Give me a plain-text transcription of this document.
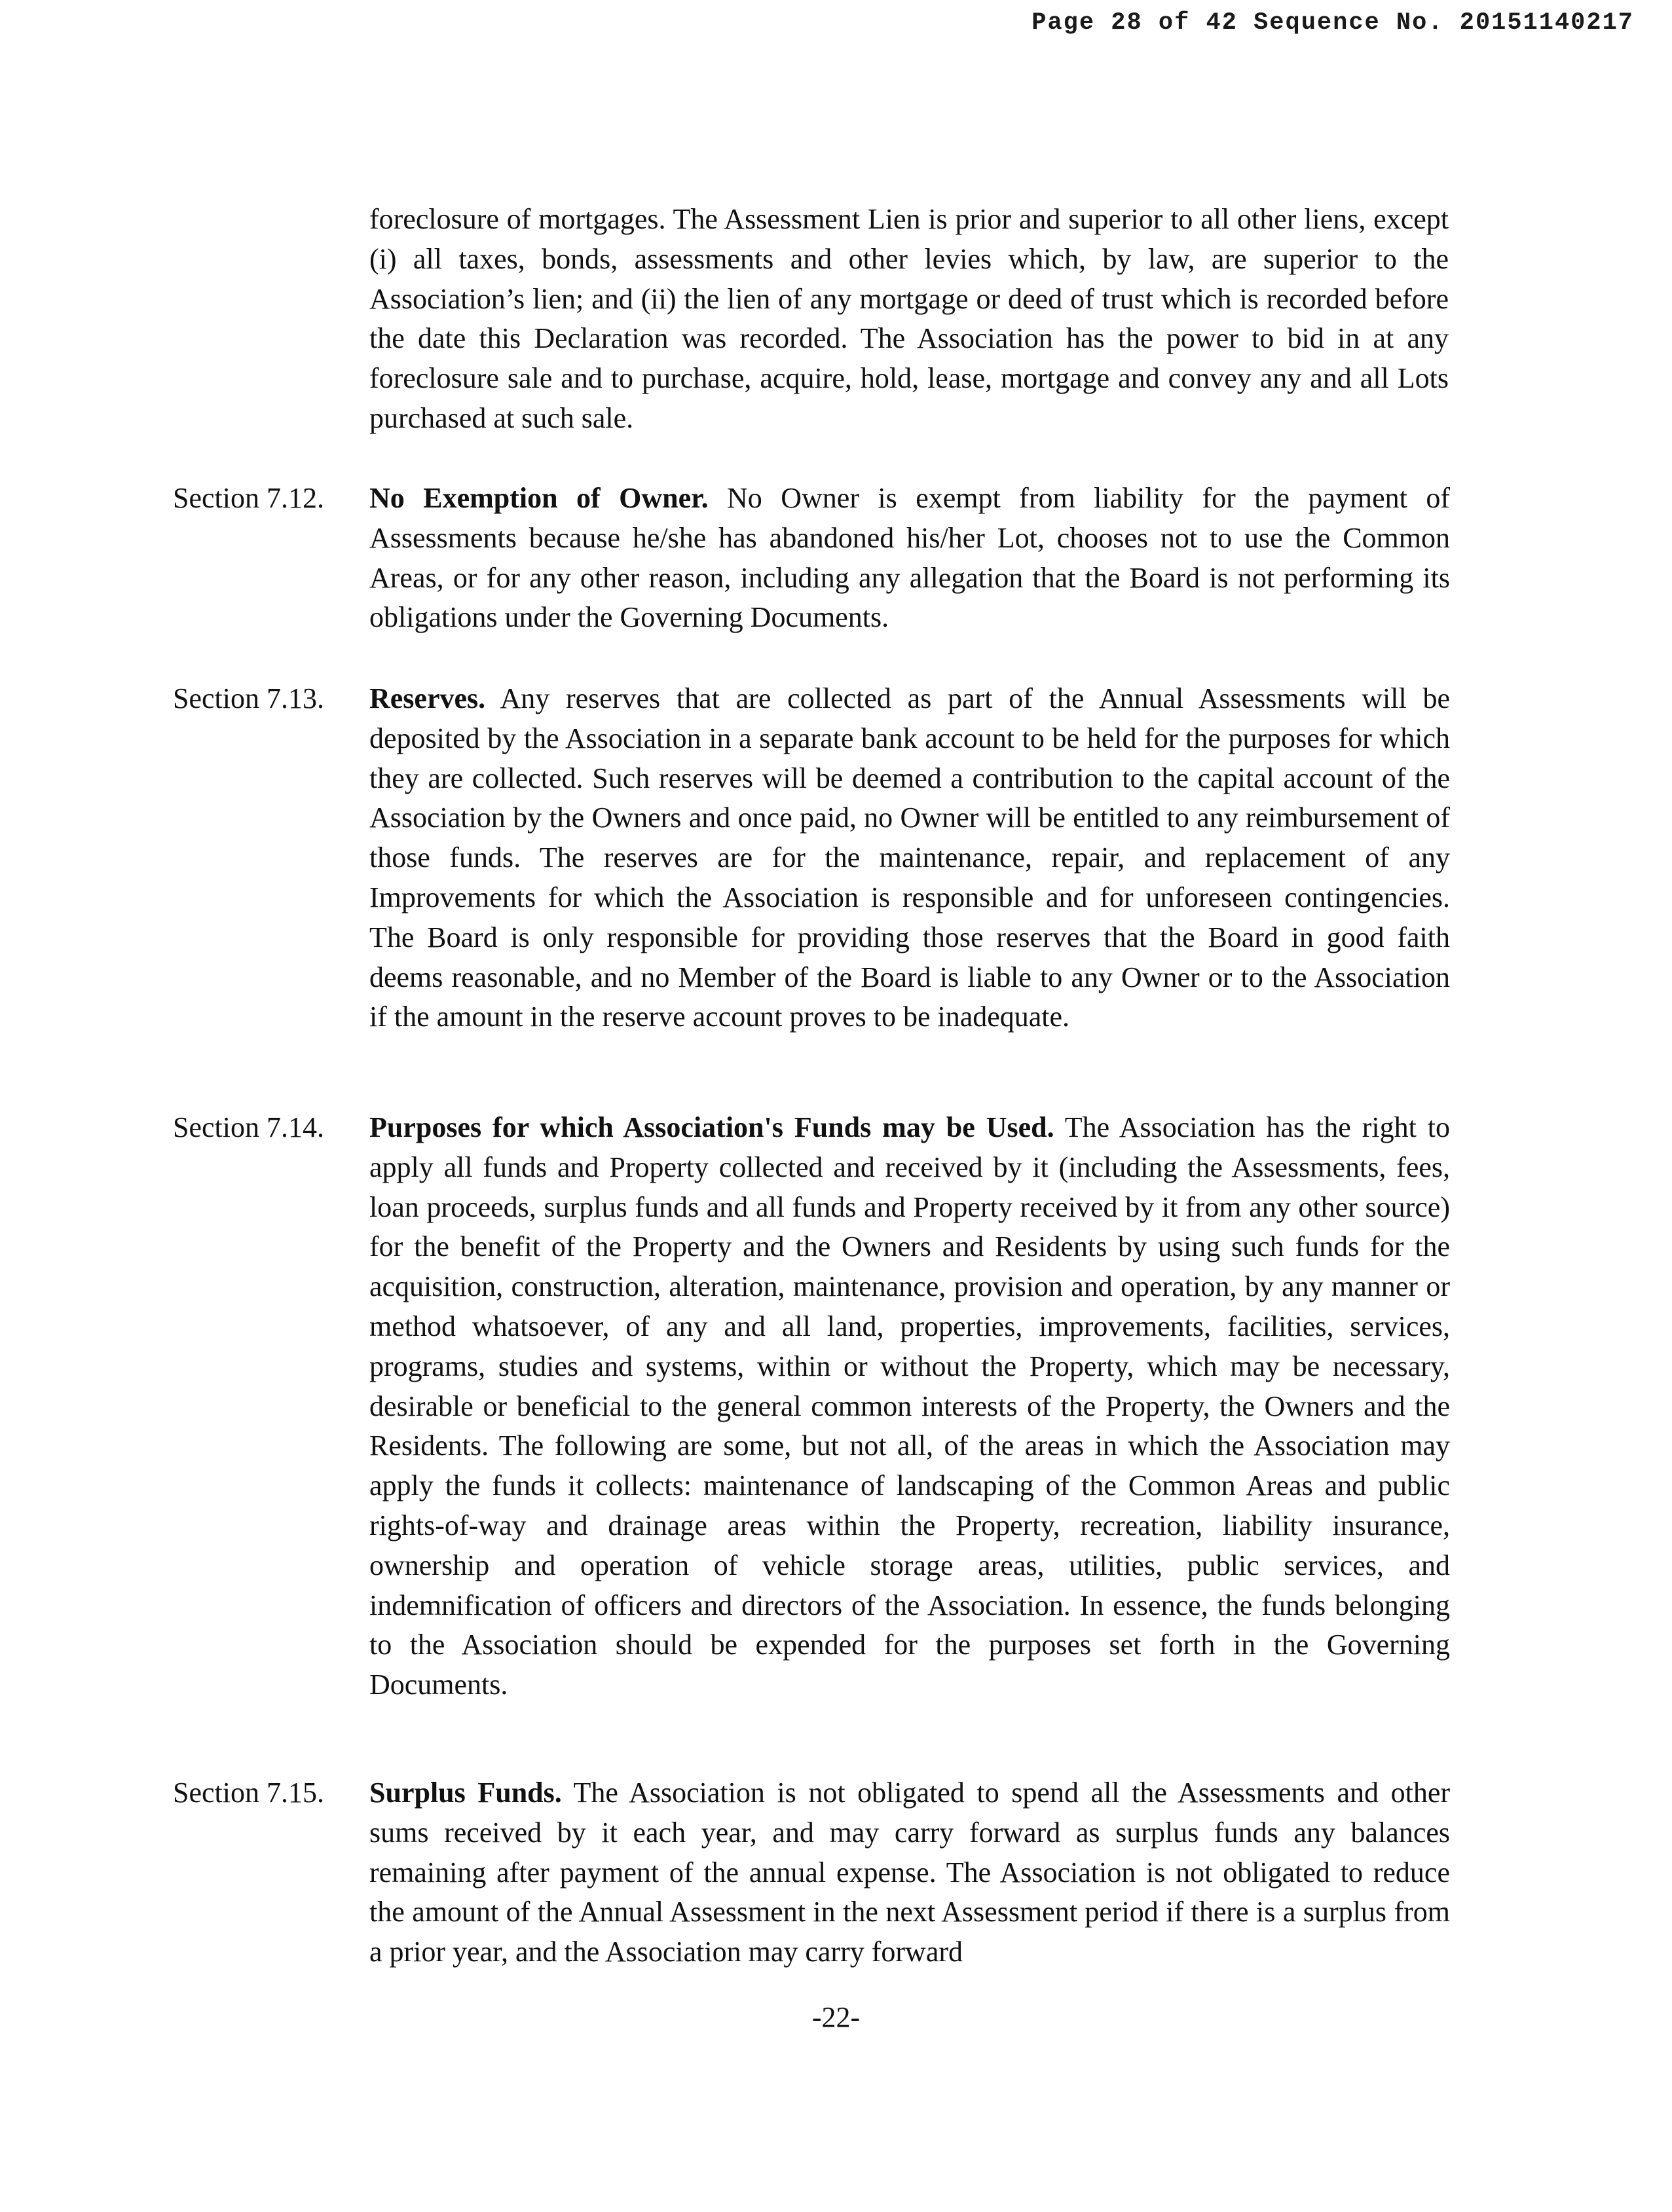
Page 28 of 42 Sequence No. 20151140217

foreclosure of mortgages. The Assessment Lien is prior and superior to all other liens, except (i) all taxes, bonds, assessments and other levies which, by law, are superior to the Association’s lien; and (ii) the lien of any mortgage or deed of trust which is recorded before the date this Declaration was recorded. The Association has the power to bid in at any foreclosure sale and to purchase, acquire, hold, lease, mortgage and convey any and all Lots purchased at such sale.

Section 7.12. No Exemption of Owner. No Owner is exempt from liability for the payment of Assessments because he/she has abandoned his/her Lot, chooses not to use the Common Areas, or for any other reason, including any allegation that the Board is not performing its obligations under the Governing Documents.
Section 7.13. Reserves. Any reserves that are collected as part of the Annual Assessments will be deposited by the Association in a separate bank account to be held for the purposes for which they are collected. Such reserves will be deemed a contribution to the capital account of the Association by the Owners and once paid, no Owner will be entitled to any reimbursement of those funds. The reserves are for the maintenance, repair, and replacement of any Improvements for which the Association is responsible and for unforeseen contingencies. The Board is only responsible for providing those reserves that the Board in good faith deems reasonable, and no Member of the Board is liable to any Owner or to the Association if the amount in the reserve account proves to be inadequate.
Section 7.14. Purposes for which Association's Funds may be Used. The Association has the right to apply all funds and Property collected and received by it (including the Assessments, fees, loan proceeds, surplus funds and all funds and Property received by it from any other source) for the benefit of the Property and the Owners and Residents by using such funds for the acquisition, construction, alteration, maintenance, provision and operation, by any manner or method whatsoever, of any and all land, properties, improvements, facilities, services, programs, studies and systems, within or without the Property, which may be necessary, desirable or beneficial to the general common interests of the Property, the Owners and the Residents. The following are some, but not all, of the areas in which the Association may apply the funds it collects: maintenance of landscaping of the Common Areas and public rights-of-way and drainage areas within the Property, recreation, liability insurance, ownership and operation of vehicle storage areas, utilities, public services, and indemnification of officers and directors of the Association. In essence, the funds belonging to the Association should be expended for the purposes set forth in the Governing Documents.
Section 7.15. Surplus Funds. The Association is not obligated to spend all the Assessments and other sums received by it each year, and may carry forward as surplus funds any balances remaining after payment of the annual expense. The Association is not obligated to reduce the amount of the Annual Assessment in the next Assessment period if there is a surplus from a prior year, and the Association may carry forward
-22-
